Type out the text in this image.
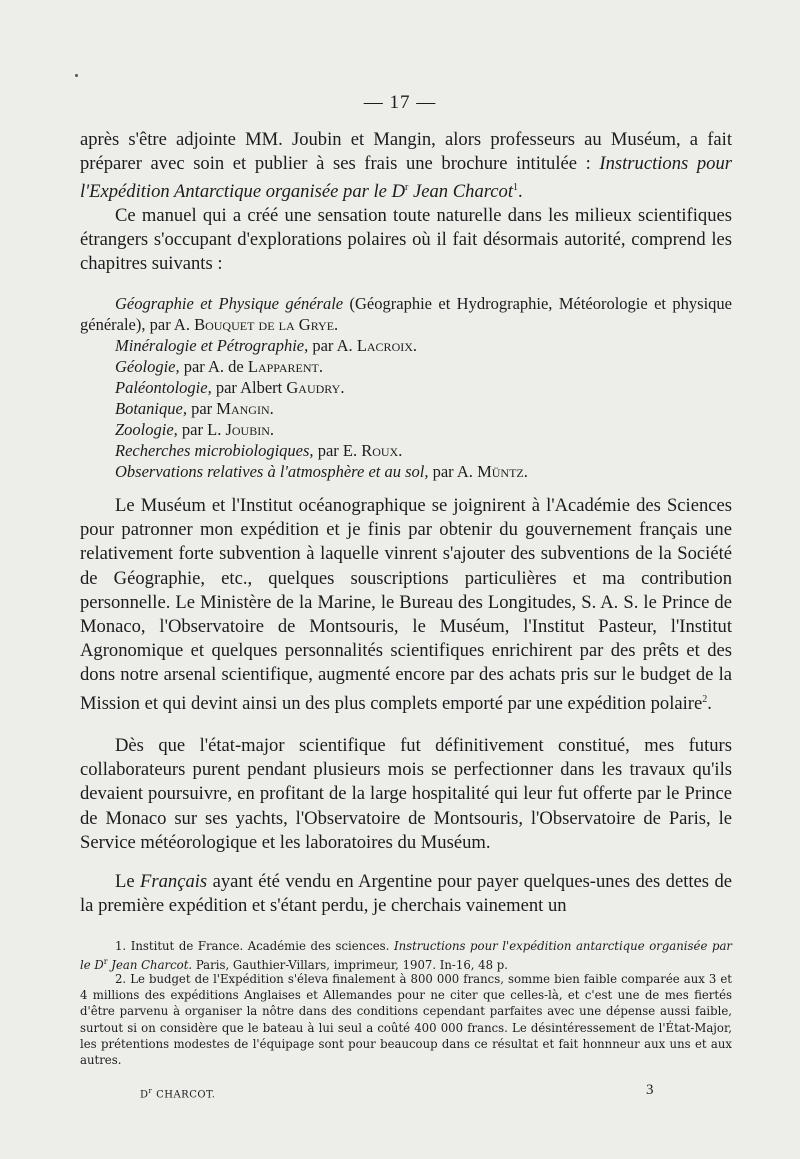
— 17 —

après s'être adjointe MM. Joubin et Mangin, alors professeurs au Muséum, a fait préparer avec soin et publier à ses frais une brochure intitulée : Instructions pour l'Expédition Antarctique organisée par le $D^r$ Jean Charcot$^1$.

Ce manuel qui a créé une sensation toute naturelle dans les milieux scientifiques étrangers s'occupant d'explorations polaires où il fait désormais autorité, comprend les chapitres suivants :

Géographie et Physique générale (Géographie et Hydrographie, Météorologie et physique générale), par A. Bouquet de la Grye.
Minéralogie et Pétrographie, par A. Lacroix.
Géologie, par A. de Lapparent.
Paléontologie, par Albert Gaudry.
Botanique, par Mangin.
Zoologie, par L. Joubin.
Recherches microbiologiques, par E. Roux.
Observations relatives à l'atmosphère et au sol, par A. Müntz.

Le Muséum et l'Institut océanographique se joignirent à l'Académie des Sciences pour patronner mon expédition et je finis par obtenir du gouvernement français une relativement forte subvention à laquelle vinrent s'ajouter des subventions de la Société de Géographie, etc., quelques souscriptions particulières et ma contribution personnelle. Le Ministère de la Marine, le Bureau des Longitudes, S. A. S. le Prince de Monaco, l'Observatoire de Montsouris, le Muséum, l'Institut Pasteur, l'Institut Agronomique et quelques personnalités scientifiques enrichirent par des prêts et des dons notre arsenal scientifique, augmenté encore par des achats pris sur le budget de la Mission et qui devint ainsi un des plus complets emporté par une expédition polaire$^2$.

Dès que l'état-major scientifique fut définitivement constitué, mes futurs collaborateurs purent pendant plusieurs mois se perfectionner dans les travaux qu'ils devaient poursuivre, en profitant de la large hospitalité qui leur fut offerte par le Prince de Monaco sur ses yachts, l'Observatoire de Montsouris, l'Observatoire de Paris, le Service météorologique et les laboratoires du Muséum.

Le Français ayant été vendu en Argentine pour payer quelques-unes des dettes de la première expédition et s'étant perdu, je cherchais vainement un

1. Institut de France. Académie des sciences. Instructions pour l'expédition antarctique organisée par le $D^r$ Jean Charcot. Paris, Gauthier-Villars, imprimeur, 1907. In-16, 48 p.

2. Le budget de l'Expédition s'éleva finalement à 800 000 francs, somme bien faible comparée aux 3 et 4 millions des expéditions Anglaises et Allemandes pour ne citer que celles-là, et c'est une de mes fiertés d'être parvenu à organiser la nôtre dans des conditions cependant parfaites avec une dépense aussi faible, surtout si on considère que le bateau à lui seul a coûté 400 000 francs. Le désintéressement de l'État-Major, les prétentions modestes de l'équipage sont pour beaucoup dans ce résultat et fait honnneur aux uns et aux autres.

$D^r$ CHARCOT.	3
